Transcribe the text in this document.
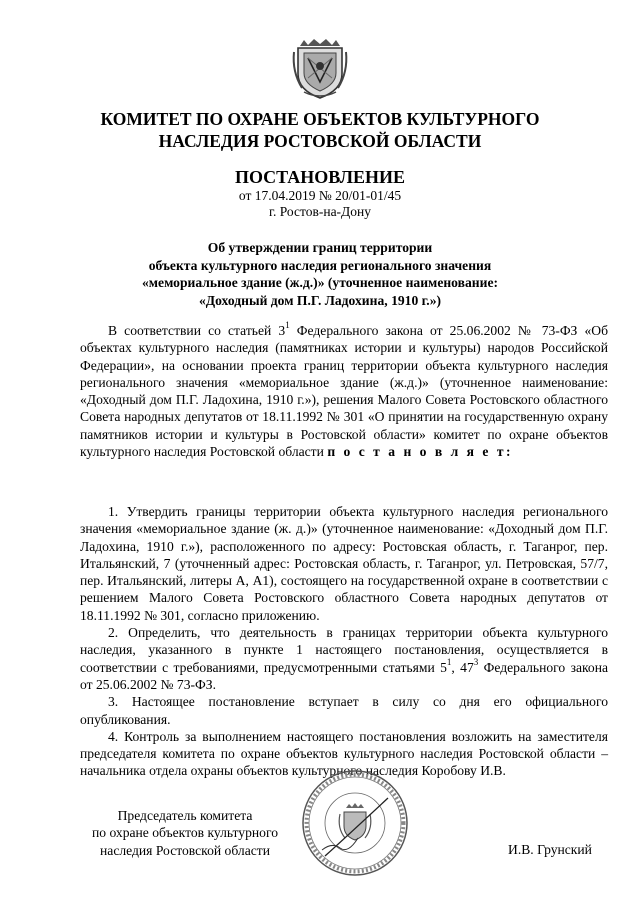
КОМИТЕТ ПО ОХРАНЕ ОБЪЕКТОВ КУЛЬТУРНОГО
НАСЛЕДИЯ РОСТОВСКОЙ ОБЛАСТИ
ПОСТАНОВЛЕНИЕ
от 17.04.2019 № 20/01-01/45
г. Ростов-на-Дону
Об утверждении границ территории
объекта культурного наследия регионального значения
«мемориальное здание (ж.д.)» (уточненное наименование:
«Доходный дом П.Г. Ладохина, 1910 г.»)
В соответствии со статьей $3^1$ Федерального закона от 25.06.2002 № 73-ФЗ «Об объектах культурного наследия (памятниках истории и культуры) народов Российской Федерации», на основании проекта границ территории объекта культурного наследия регионального значения «мемориальное здание (ж.д.)» (уточненное наименование: «Доходный дом П.Г. Ладохина, 1910 г.»), решения Малого Совета Ростовского областного Совета народных депутатов от 18.11.1992 № 301 «О принятии на государственную охрану памятников истории и культуры в Ростовской области» комитет по охране объектов культурного наследия Ростовской области п о с т а н о в л я е т:

1. Утвердить границы территории объекта культурного наследия регионального значения «мемориальное здание (ж. д.)» (уточненное наименование: «Доходный дом П.Г. Ладохина, 1910 г.»), расположенного по адресу: Ростовская область, г. Таганрог, пер. Итальянский, 7 (уточненный адрес: Ростовская область, г. Таганрог, ул. Петровская, 57/7, пер. Итальянский, литеры А, А1), состоящего на государственной охране в соответствии с решением Малого Совета Ростовского областного Совета народных депутатов от 18.11.1992 № 301, согласно приложению.

2. Определить, что деятельность в границах территории объекта культурного наследия, указанного в пункте 1 настоящего постановления, осуществляется в соответствии с требованиями, предусмотренными статьями $5^1$, $47^3$ Федерального закона от 25.06.2002 № 73-ФЗ.

3. Настоящее постановление вступает в силу со дня его официального опубликования.

4. Контроль за выполнением настоящего постановления возложить на заместителя председателя комитета по охране объектов культурного наследия Ростовской области – начальника отдела охраны объектов культурного наследия Коробову И.В.

Председатель комитета
по охране объектов культурного
наследия Ростовской области	И.В. Грунский
